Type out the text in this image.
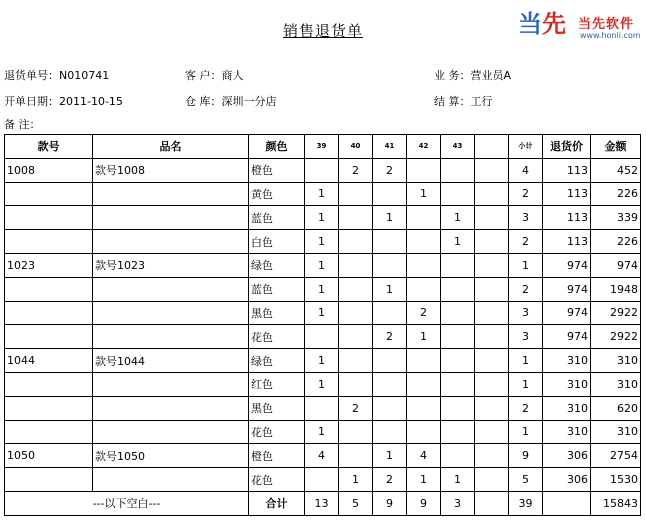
销售退货单	当先 当先软件
www.honii.com
退货单号：N010741	客 户：商人	业 务：营业员A
开单日期：2011-10-15	仓 库：深圳一分店	结 算：工行
备 注：
款号	品名	颜色	39	40	41	42	43		小计	退货价	金额
1008	款号1008	橙色		2	2				4	113	452
		黄色	1			1			2	113	226
		蓝色	1		1		1		3	113	339
		白色	1				1		2	113	226
1023	款号1023	绿色	1						1	974	974
		蓝色	1		1				2	974	1948
		黑色	1			2			3	974	2922
		花色			2	1			3	974	2922
1044	款号1044	绿色	1						1	310	310
		红色	1						1	310	310
		黑色		2					2	310	620
		花色	1						1	310	310
1050	款号1050	橙色	4		1	4			9	306	2754
		花色		1	2	1	1		5	306	1530
---以下空白---		合计	13	5	9	9	3		39		15843
